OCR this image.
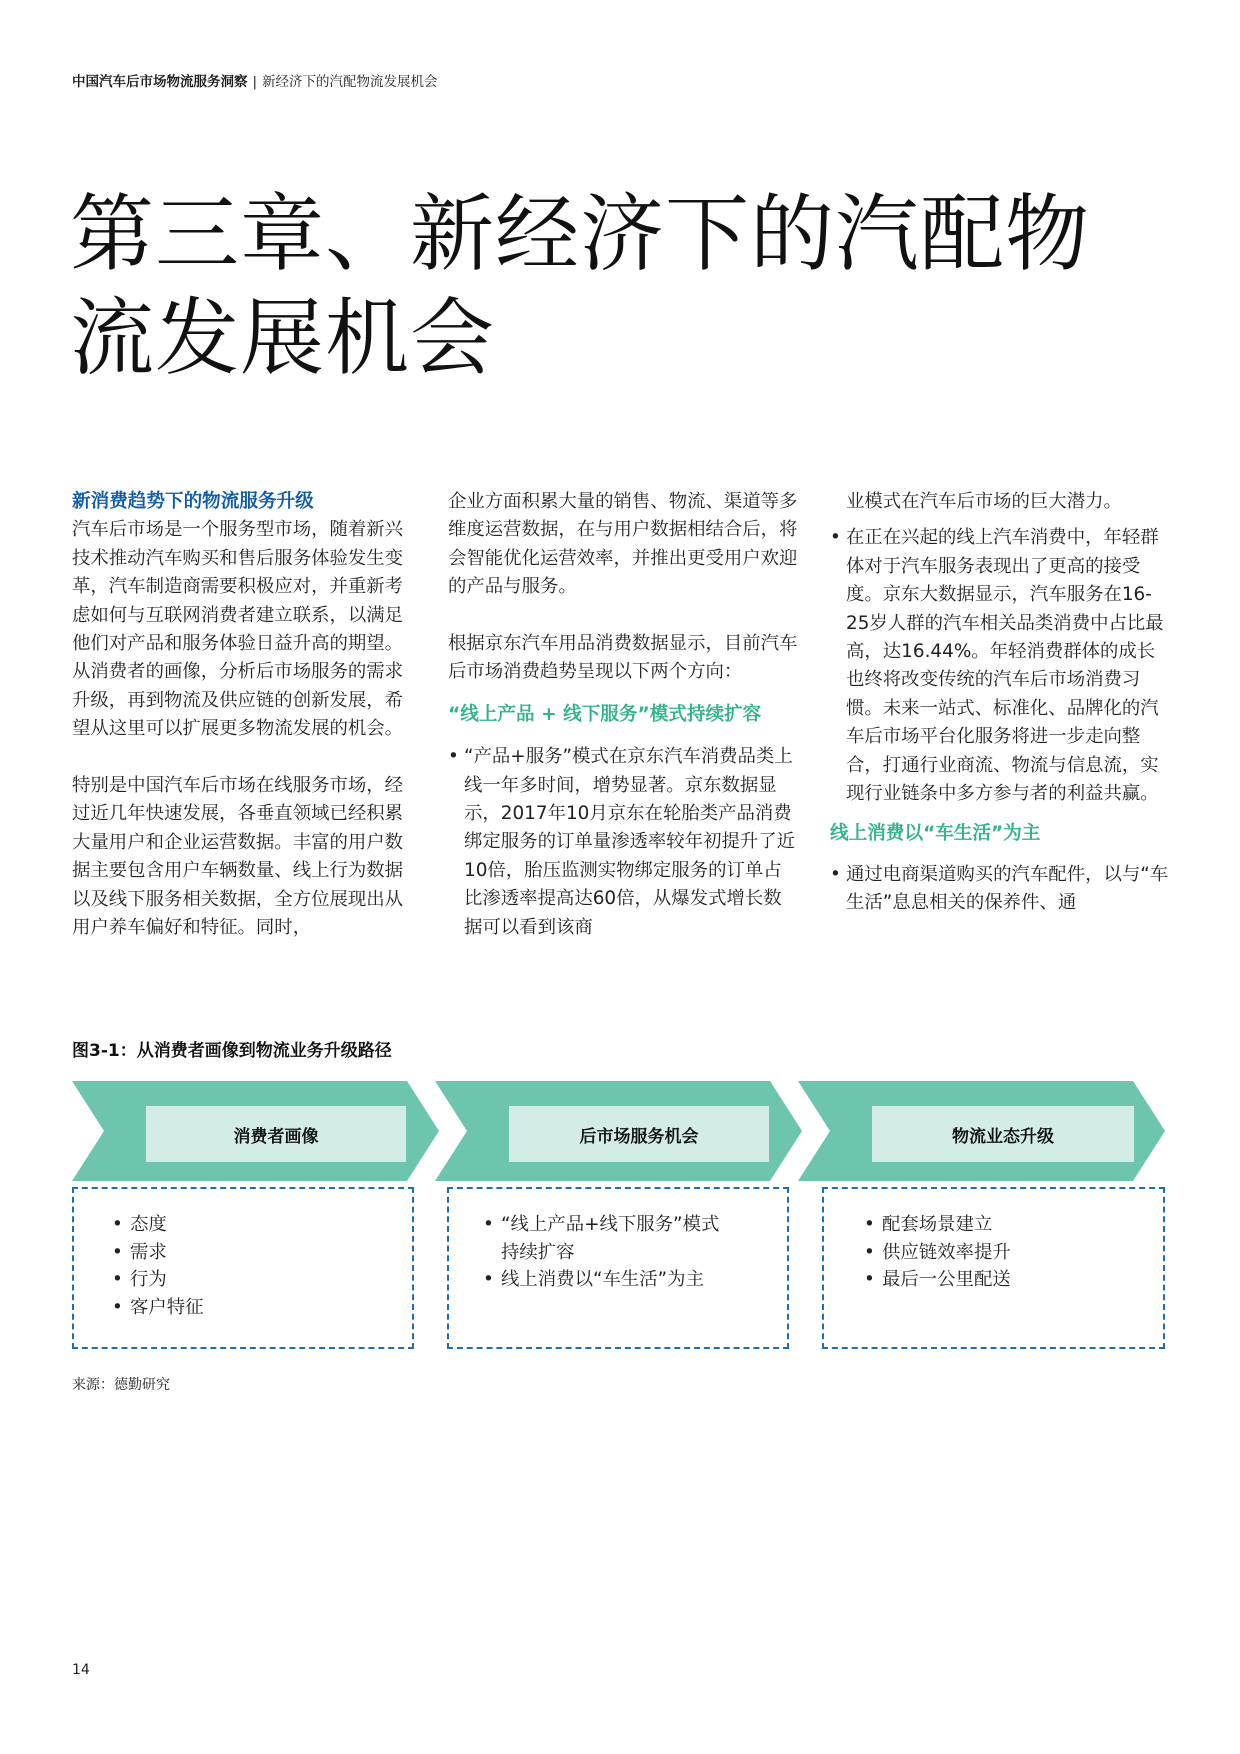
中国汽车后市场物流服务洞察 | 新经济下的汽配物流发展机会
第三章、新经济下的汽配物
流发展机会

新消费趋势下的物流服务升级

汽车后市场是一个服务型市场，随着新兴技术推动汽车购买和售后服务体验发生变革，汽车制造商需要积极应对，并重新考虑如何与互联网消费者建立联系，以满足他们对产品和服务体验日益升高的期望。从消费者的画像，分析后市场服务的需求升级，再到物流及供应链的创新发展，希望从这里可以扩展更多物流发展的机会。

特别是中国汽车后市场在线服务市场，经过近几年快速发展，各垂直领域已经积累大量用户和企业运营数据。丰富的用户数据主要包含用户车辆数量、线上行为数据以及线下服务相关数据，全方位展现出从用户养车偏好和特征。同时，

企业方面积累大量的销售、物流、渠道等多维度运营数据，在与用户数据相结合后，将会智能优化运营效率，并推出更受用户欢迎的产品与服务。

根据京东汽车用品消费数据显示，目前汽车后市场消费趋势呈现以下两个方向：

“线上产品 + 线下服务”模式持续扩容

• “产品+服务”模式在京东汽车消费品类上线一年多时间，增势显著。京东数据显示，2017年10月京东在轮胎类产品消费绑定服务的订单量渗透率较年初提升了近10倍，胎压监测实物绑定服务的订单占比渗透率提高达60倍，从爆发式增长数据可以看到该商

业模式在汽车后市场的巨大潜力。

• 在正在兴起的线上汽车消费中，年轻群体对于汽车服务表现出了更高的接受度。京东大数据显示，汽车服务在16-25岁人群的汽车相关品类消费中占比最高，达16.44%。年轻消费群体的成长也终将改变传统的汽车后市场消费习惯。未来一站式、标准化、品牌化的汽车后市场平台化服务将进一步走向整合，打通行业商流、物流与信息流，实现行业链条中多方参与者的利益共赢。

线上消费以“车生活”为主

• 通过电商渠道购买的汽车配件，以与“车生活”息息相关的保养件、通
图3-1：从消费者画像到物流业务升级路径
消费者画像	后市场服务机会	物流业态升级
• 态度
• 需求
• 行为
• 客户特征
• “线上产品+线下服务”模式持续扩容
• 线上消费以“车生活”为主
• 配套场景建立
• 供应链效率提升
• 最后一公里配送
来源：德勤研究
14
